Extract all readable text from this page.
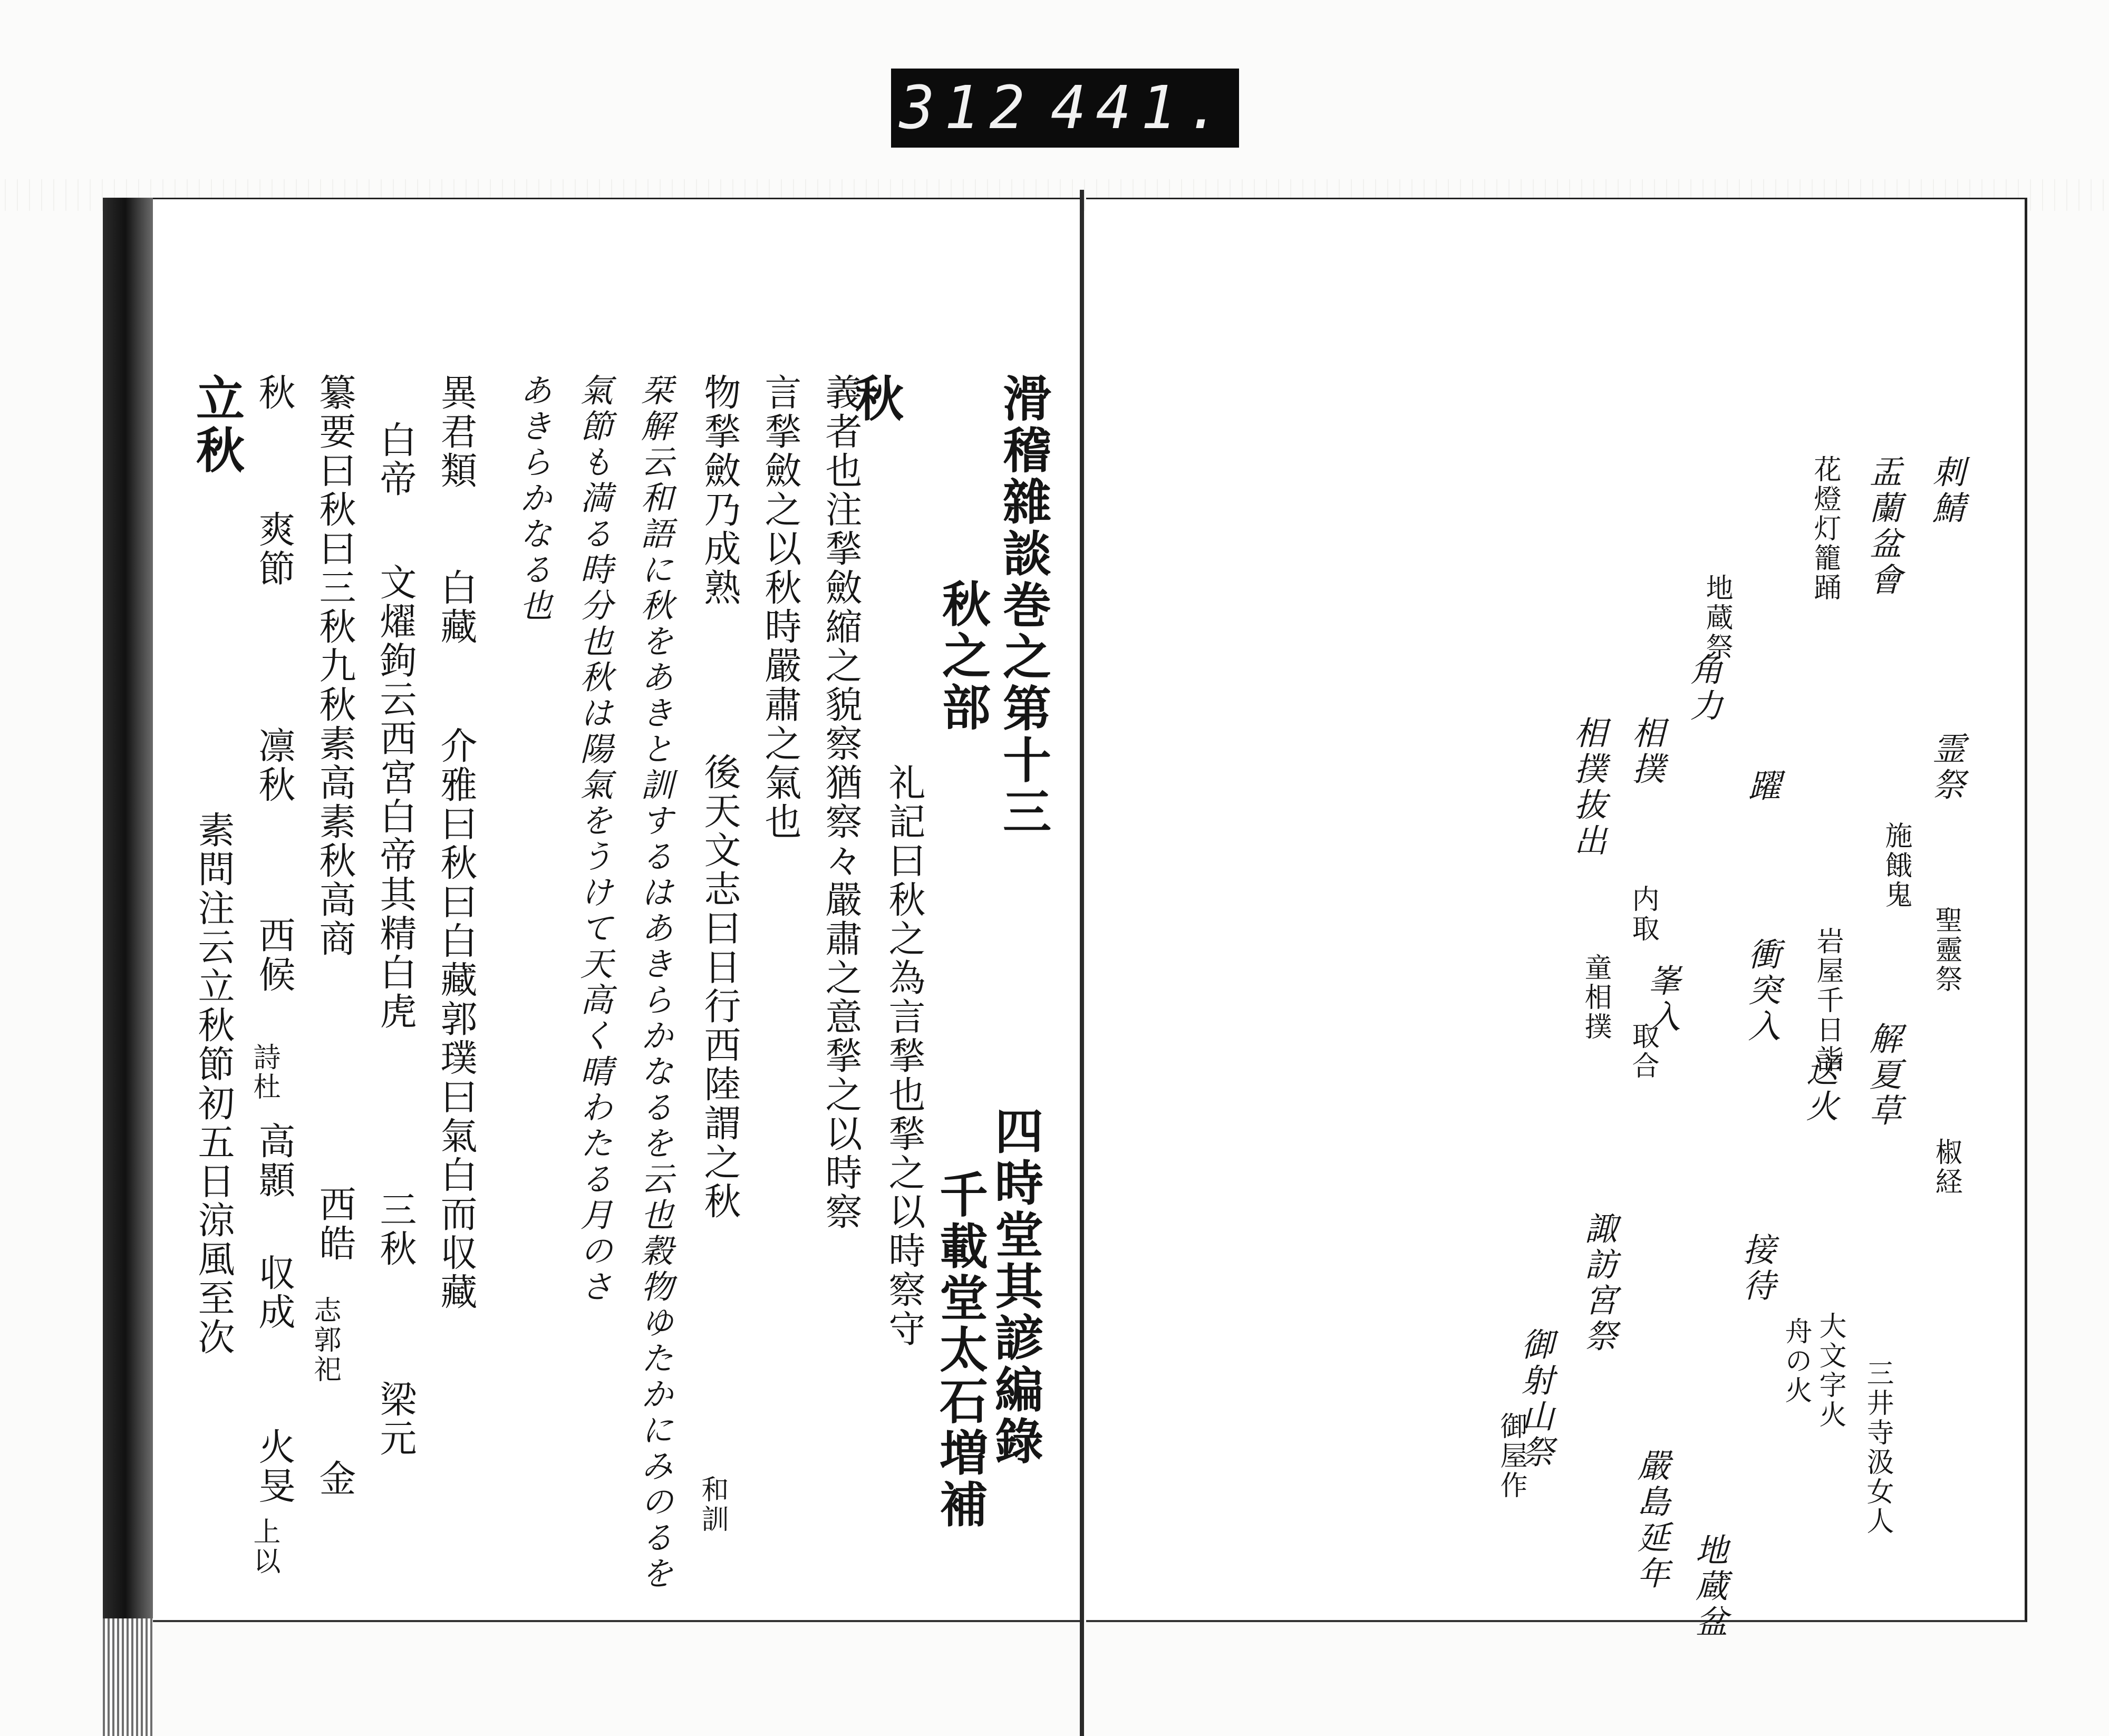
312 441.
滑稽雜談巻之第十三
秋之部
四時堂其諺編錄
千載堂太石増補
秋
礼記曰秋之為言揫也揫之以時察守
義者也注揫斂縮之貌察猶察々嚴肅之意揫之以時察
言揫斂之以秋時嚴肅之氣也
物揫斂乃成熟
後天文志曰日行西陸謂之秋
和訓
栞解云和語に秋をあきと訓するはあきらかなるを云也穀物ゆたかにみのるを
氣節も満る時分也秋は陽氣をうけて天高く晴わたる月のさ
あきらかなる也
異君類
白藏
介雅曰秋曰白藏郭璞曰氣白而収藏
白帝
文燿鉤云西宮白帝其精白虎
三秋
梁元
纂要曰秋曰三秋九秋素高素秋高商
西皓
志郭祀
金
秋
爽節
凛秋
西候
詩杜
高顥
収成
火旻
上以
立秋
素問注云立秋節初五日涼風至次
刺鯖
霊祭
聖靈祭
椒経
施餓鬼
盂蘭盆會
解夏草
三井寺汲女人
花燈灯籠踊
岩屋千日詣
送火
大文字火
舟の火
躍
衝突入
接待
地蔵祭
地蔵盆
角力
相撲
内取
峯入
嚴島延年
諏訪宮祭
相撲抜出
童相撲
取合
御射山祭
御屋作
